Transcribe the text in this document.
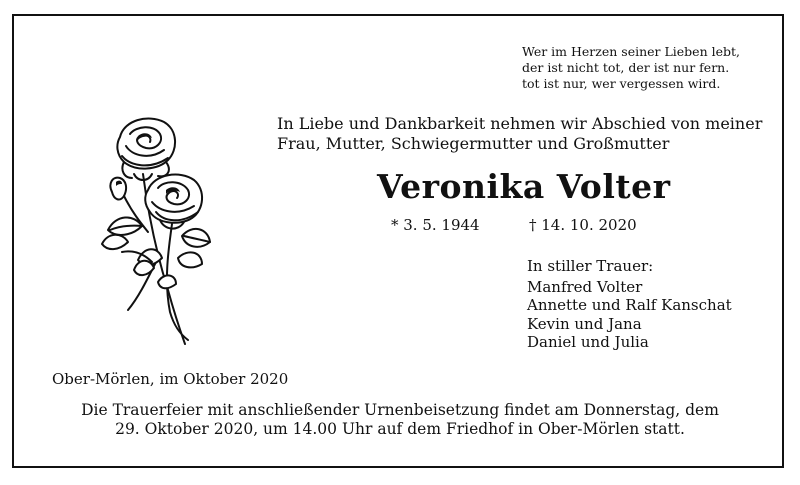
Wer im Herzen seiner Lieben lebt,
der ist nicht tot, der ist nur fern.
tot ist nur, wer vergessen wird.
In Liebe und Dankbarkeit nehmen wir Abschied von meiner
Frau, Mutter, Schwiegermutter und Großmutter
Veronika Volter
* 3. 5. 1944	† 14. 10. 2020
In stiller Trauer:
Manfred Volter
Annette und Ralf Kanschat
Kevin und Jana
Daniel und Julia
Ober-Mörlen, im Oktober 2020
Die Trauerfeier mit anschließender Urnenbeisetzung findet am Donnerstag, dem
29. Oktober 2020, um 14.00 Uhr auf dem Friedhof in Ober-Mörlen statt.
